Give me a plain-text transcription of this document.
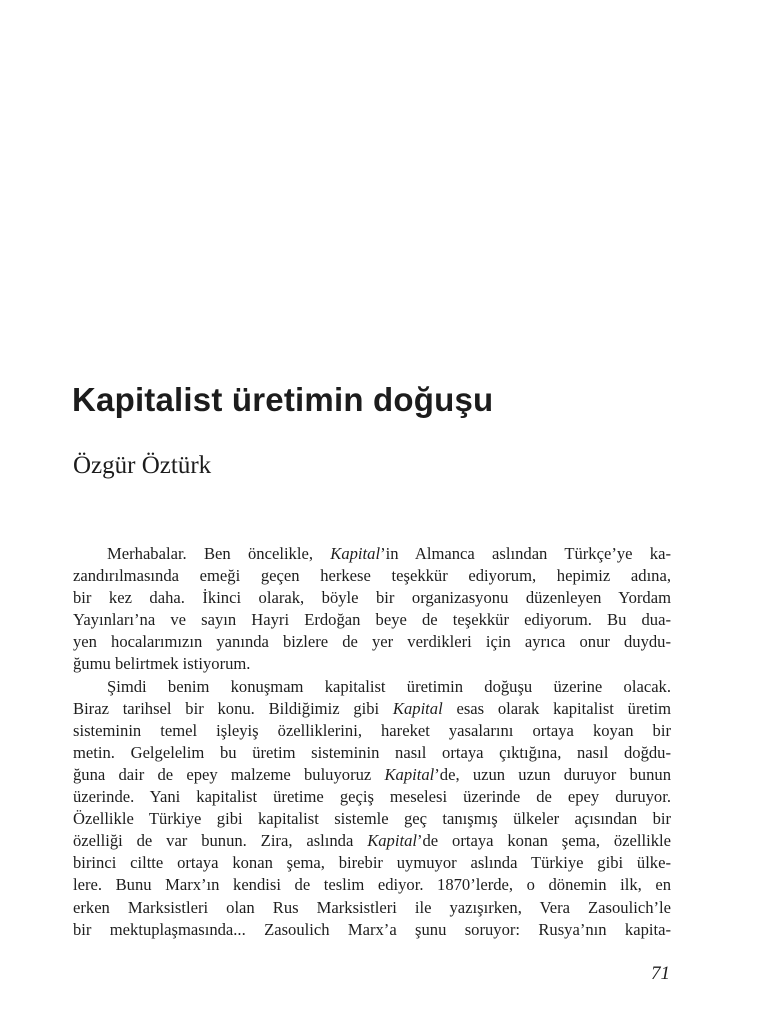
Kapitalist üretimin doğuşu

Özgür Öztürk

Merhabalar. Ben öncelikle, Kapital’in Almanca aslından Türkçe’ye ka-
zandırılmasında emeği geçen herkese teşekkür ediyorum, hepimiz adına,
bir kez daha. İkinci olarak, böyle bir organizasyonu düzenleyen Yordam
Yayınları’na ve sayın Hayri Erdoğan beye de teşekkür ediyorum. Bu dua-
yen hocalarımızın yanında bizlere de yer verdikleri için ayrıca onur duydu-
ğumu belirtmek istiyorum.
Şimdi benim konuşmam kapitalist üretimin doğuşu üzerine olacak.
Biraz tarihsel bir konu. Bildiğimiz gibi Kapital esas olarak kapitalist üretim
sisteminin temel işleyiş özelliklerini, hareket yasalarını ortaya koyan bir
metin. Gelgelelim bu üretim sisteminin nasıl ortaya çıktığına, nasıl doğdu-
ğuna dair de epey malzeme buluyoruz Kapital’de, uzun uzun duruyor bunun
üzerinde. Yani kapitalist üretime geçiş meselesi üzerinde de epey duruyor.
Özellikle Türkiye gibi kapitalist sistemle geç tanışmış ülkeler açısından bir
özelliği de var bunun. Zira, aslında Kapital’de ortaya konan şema, özellikle
birinci ciltte ortaya konan şema, birebir uymuyor aslında Türkiye gibi ülke-
lere. Bunu Marx’ın kendisi de teslim ediyor. 1870’lerde, o dönemin ilk, en
erken Marksistleri olan Rus Marksistleri ile yazışırken, Vera Zasoulich’le
bir mektuplaşmasında... Zasoulich Marx’a şunu soruyor: Rusya’nın kapita-
71
